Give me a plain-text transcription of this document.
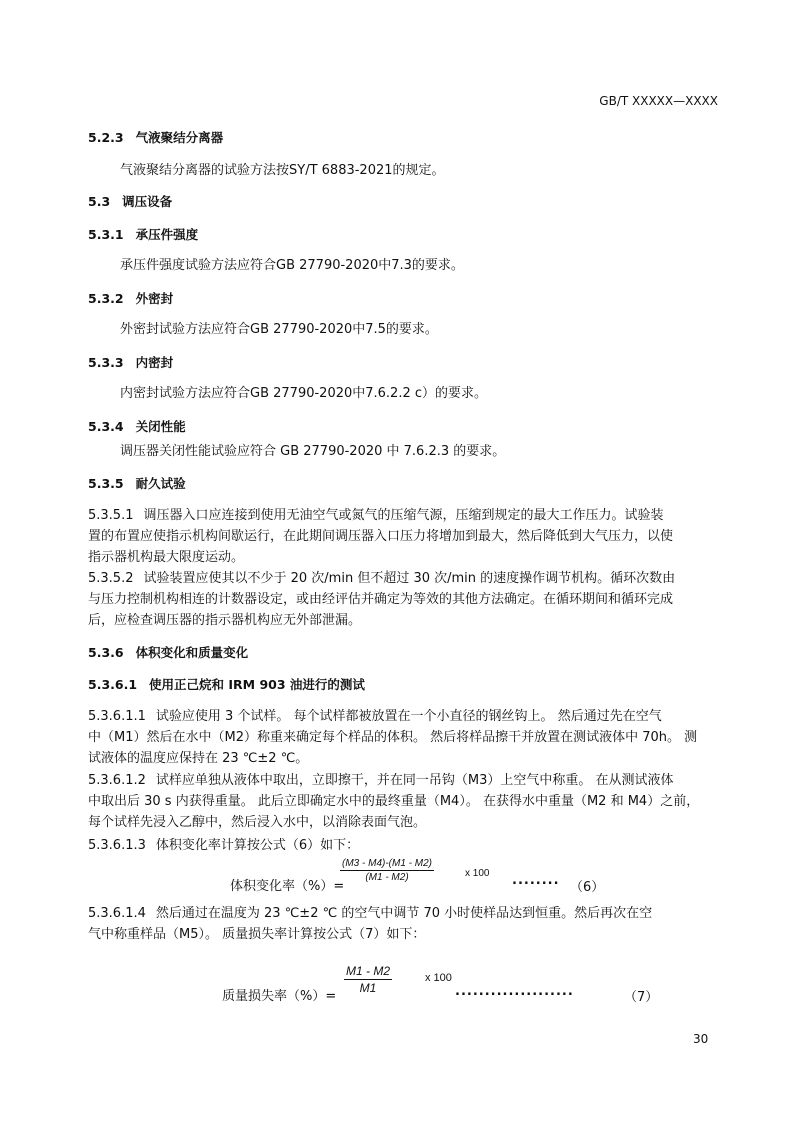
GB/T XXXXX—XXXX
5.2.3 气液聚结分离器
气液聚结分离器的试验方法按SY/T 6883-2021的规定。
5.3 调压设备
5.3.1 承压件强度
承压件强度试验方法应符合GB 27790-2020中7.3的要求。
5.3.2 外密封
外密封试验方法应符合GB 27790-2020中7.5的要求。
5.3.3 内密封
内密封试验方法应符合GB 27790-2020中7.6.2.2 c）的要求。
5.3.4 关闭性能
调压器关闭性能试验应符合 GB 27790-2020 中 7.6.2.3 的要求。
5.3.5 耐久试验
5.3.5.1 调压器入口应连接到使用无油空气或氮气的压缩气源，压缩到规定的最大工作压力。试验装
置的布置应使指示机构间歇运行，在此期间调压器入口压力将增加到最大，然后降低到大气压力，以使
指示器机构最大限度运动。
5.3.5.2 试验装置应使其以不少于 20 次/min 但不超过 30 次/min 的速度操作调节机构。循环次数由
与压力控制机构相连的计数器设定，或由经评估并确定为等效的其他方法确定。在循环期间和循环完成
后，应检查调压器的指示器机构应无外部泄漏。
5.3.6 体积变化和质量变化
5.3.6.1 使用正己烷和 IRM 903 油进行的测试
5.3.6.1.1 试验应使用 3 个试样。 每个试样都被放置在一个小直径的钢丝钩上。 然后通过先在空气
中（M1）然后在水中（M2）称重来确定每个样品的体积。 然后将样品擦干并放置在测试液体中 70h。 测
试液体的温度应保持在 23 ℃±2 ℃。
5.3.6.1.2 试样应单独从液体中取出，立即擦干，并在同一吊钩（M3）上空气中称重。 在从测试液体
中取出后 30 s 内获得重量。 此后立即确定水中的最终重量（M4）。 在获得水中重量（M2 和 M4）之前，
每个试样先浸入乙醇中，然后浸入水中，以消除表面气泡。
5.3.6.1.3 体积变化率计算按公式（6）如下：
体积变化率（%）=
$\frac{(M3 - M4)-(M1 - M2)}{(M1 - M2)}$	x 100 ........ （6）
5.3.6.1.4 然后通过在温度为 23 ℃±2 ℃ 的空气中调节 70 小时使样品达到恒重。然后再次在空
气中称重样品（M5）。 质量损失率计算按公式（7）如下：
质量损失率（%）=
$\frac{M1 - M2}{M1}$	x 100
....................	（7）
30
